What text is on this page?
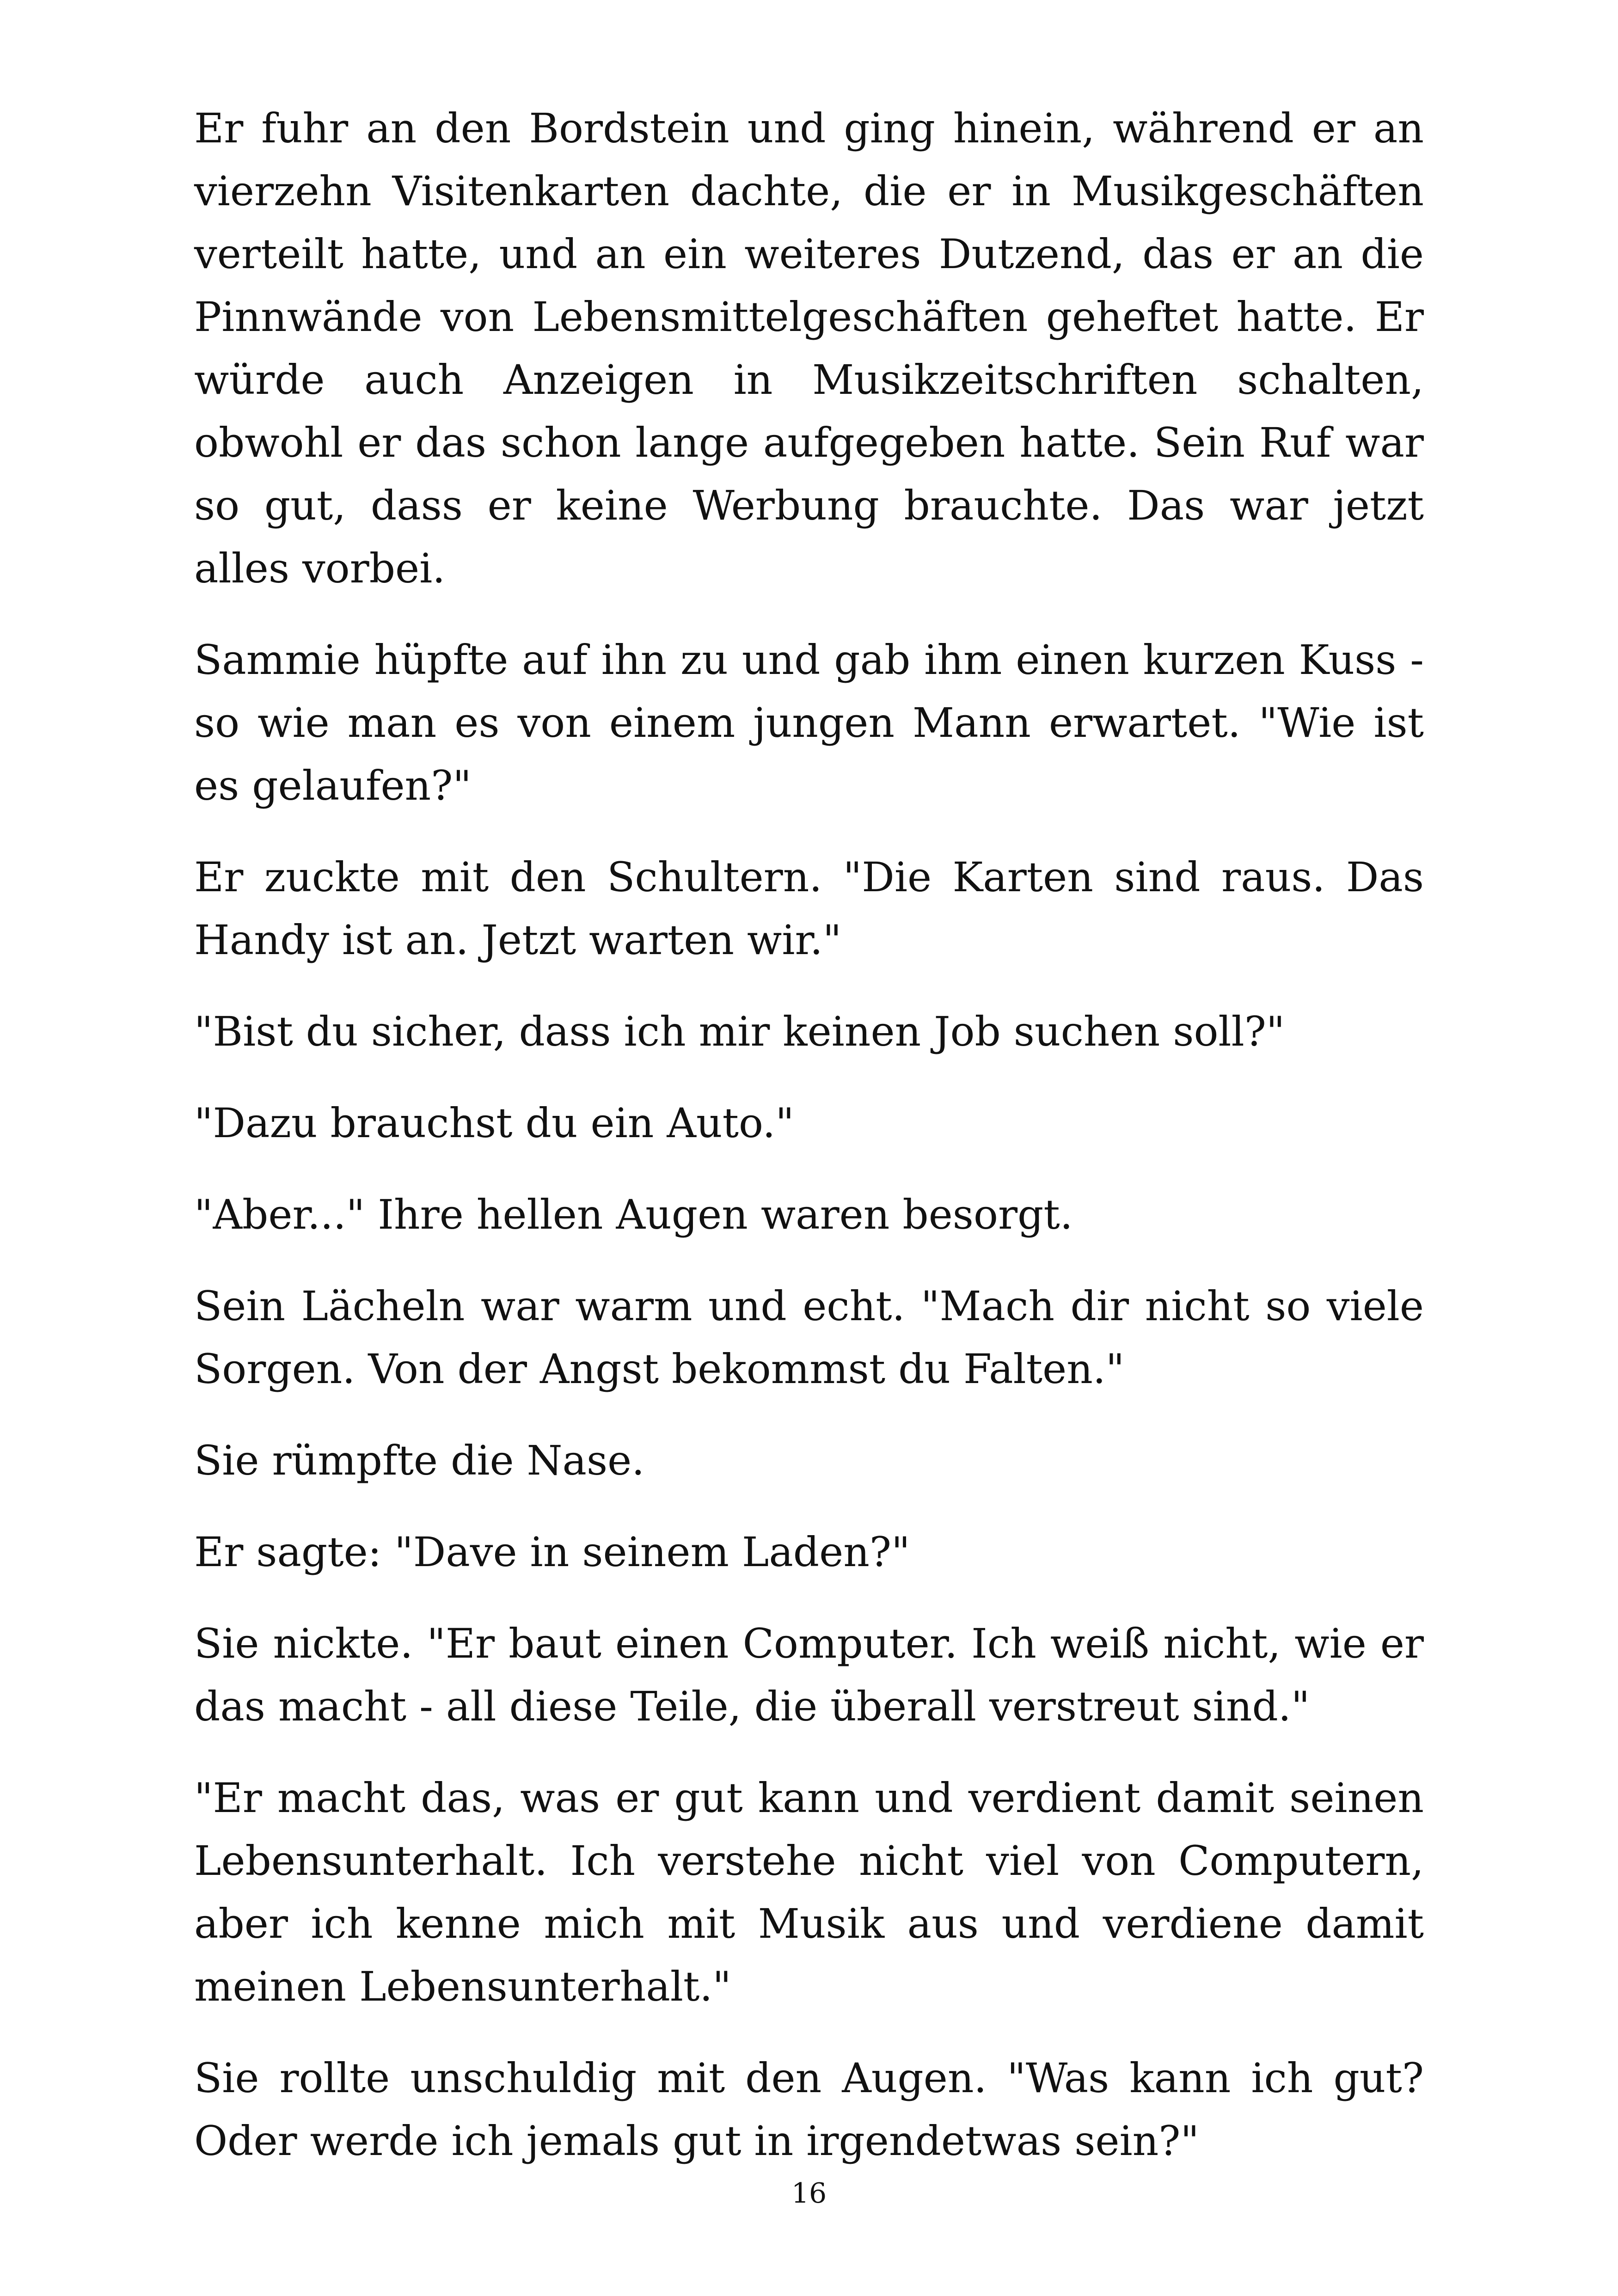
Er fuhr an den Bordstein und ging hinein, während er an vierzehn Visitenkarten dachte, die er in Musikgeschäften verteilt hatte, und an ein weiteres Dutzend, das er an die Pinnwände von Lebensmittelgeschäften geheftet hatte. Er würde auch Anzeigen in Musikzeitschriften schalten, obwohl er das schon lange aufgegeben hatte. Sein Ruf war so gut, dass er keine Werbung brauchte. Das war jetzt alles vorbei.

Sammie hüpfte auf ihn zu und gab ihm einen kurzen Kuss - so wie man es von einem jungen Mann erwartet. "Wie ist es gelaufen?"

Er zuckte mit den Schultern. "Die Karten sind raus. Das Handy ist an. Jetzt warten wir."

"Bist du sicher, dass ich mir keinen Job suchen soll?"

"Dazu brauchst du ein Auto."

"Aber..." Ihre hellen Augen waren besorgt.

Sein Lächeln war warm und echt. "Mach dir nicht so viele Sorgen. Von der Angst bekommst du Falten."

Sie rümpfte die Nase.

Er sagte: "Dave in seinem Laden?"

Sie nickte. "Er baut einen Computer. Ich weiß nicht, wie er das macht - all diese Teile, die überall verstreut sind."

"Er macht das, was er gut kann und verdient damit seinen Lebensunterhalt. Ich verstehe nicht viel von Computern, aber ich kenne mich mit Musik aus und verdiene damit meinen Lebensunterhalt."

Sie rollte unschuldig mit den Augen. "Was kann ich gut? Oder werde ich jemals gut in irgendetwas sein?"

16
